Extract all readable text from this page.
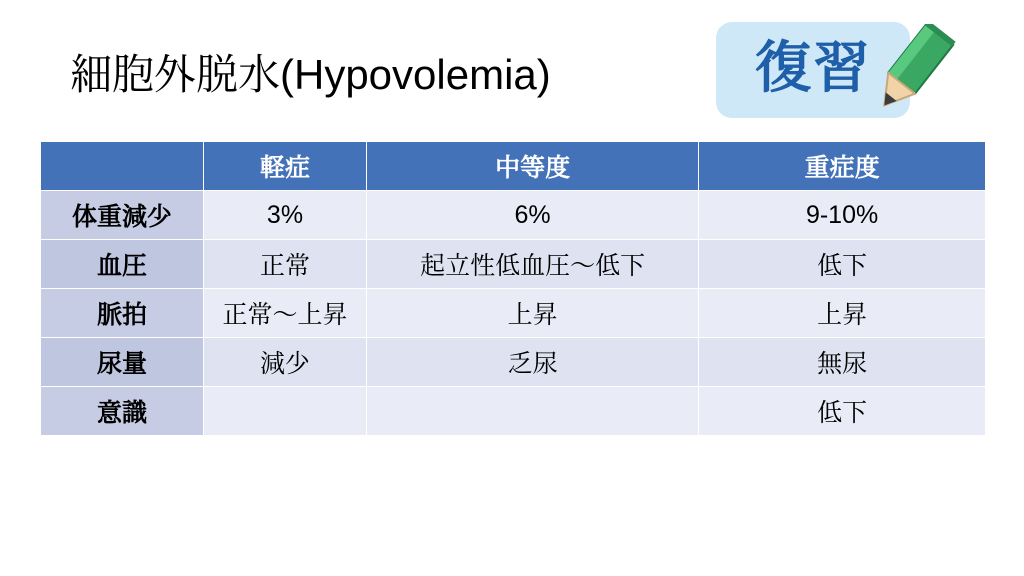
細胞外脱水(Hypovolemia)	復習
	軽症	中等度	重症度
体重減少	3%	6%	9-10%
血圧	正常	起立性低血圧〜低下	低下
脈拍	正常〜上昇	上昇	上昇
尿量	減少	乏尿	無尿
意識			低下
